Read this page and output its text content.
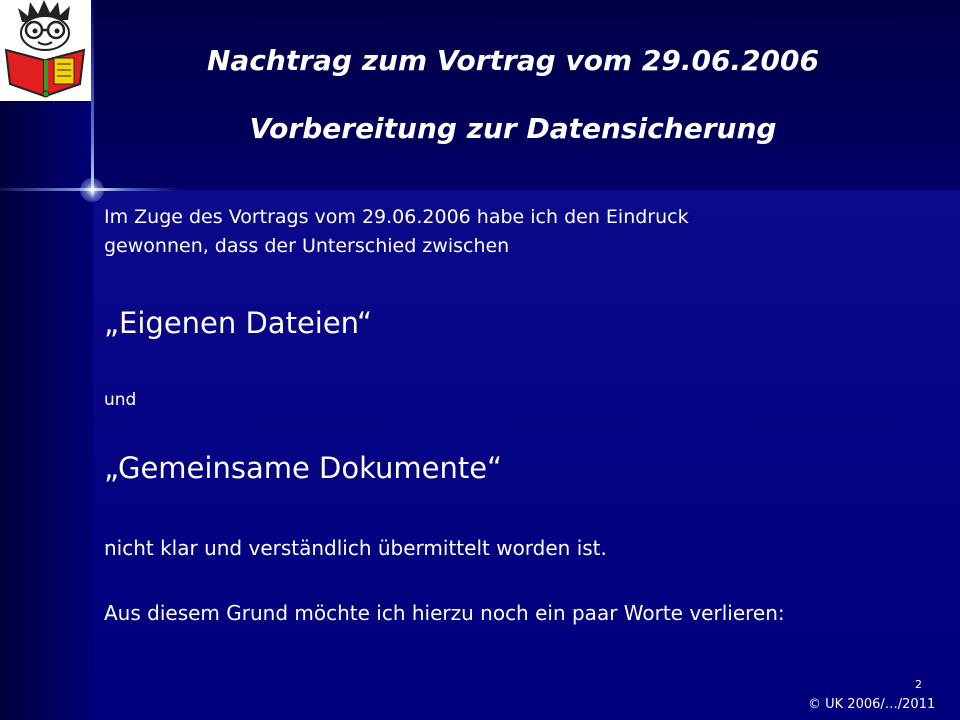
Nachtrag zum Vortrag vom 29.06.2006
Vorbereitung zur Datensicherung
Im Zuge des Vortrags vom 29.06.2006 habe ich den Eindruck
gewonnen, dass der Unterschied zwischen
„Eigenen Dateien“
und
„Gemeinsame Dokumente“
nicht klar und verständlich übermittelt worden ist.
Aus diesem Grund möchte ich hierzu noch ein paar Worte verlieren:
2
© UK 2006/…/2011
